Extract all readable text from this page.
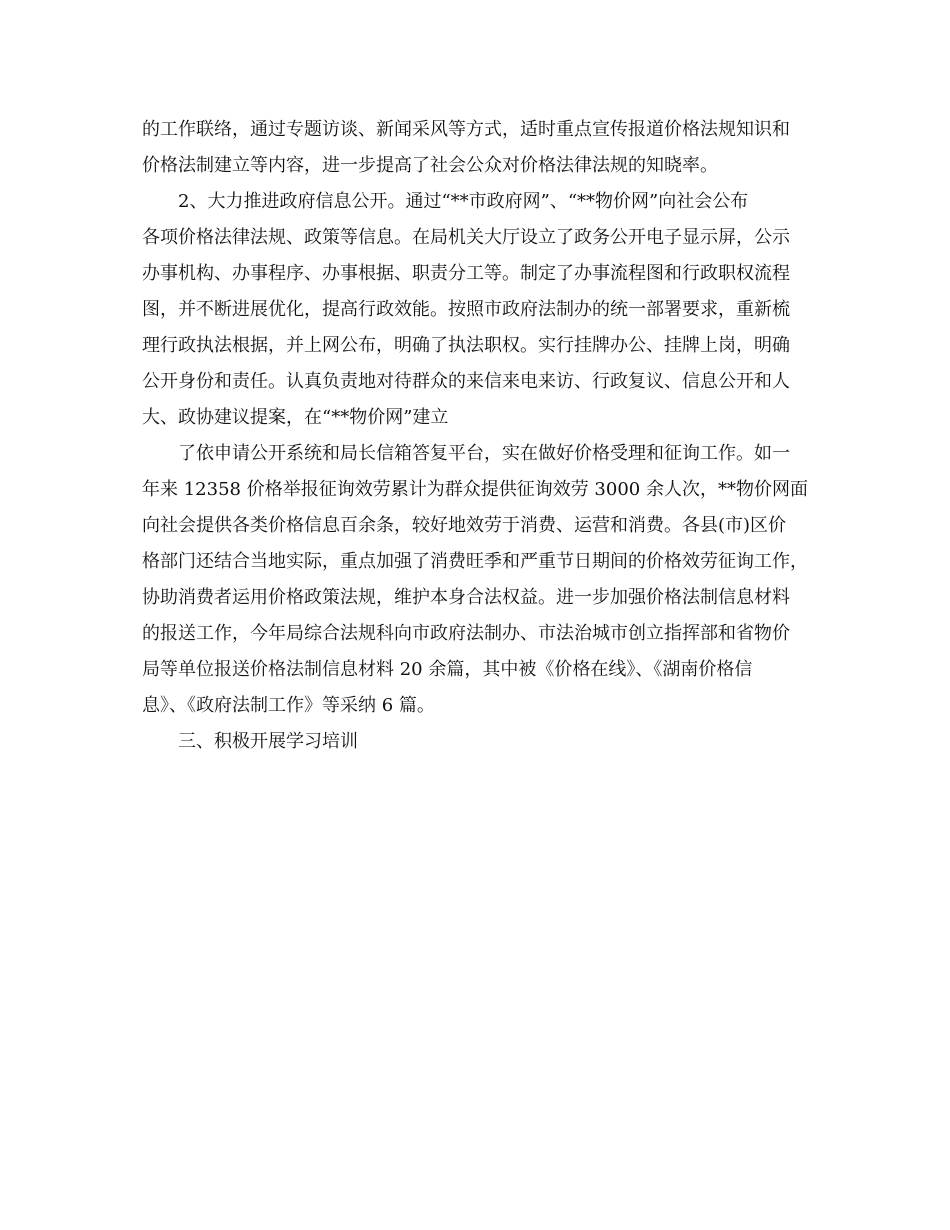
的工作联络，通过专题访谈、新闻采风等方式，适时重点宣传报道价格法规知识和
价格法制建立等内容，进一步提高了社会公众对价格法律法规的知晓率。
2、大力推进政府信息公开。通过“**市政府网”、“**物价网”向社会公布
各项价格法律法规、政策等信息。在局机关大厅设立了政务公开电子显示屏，公示
办事机构、办事程序、办事根据、职责分工等。制定了办事流程图和行政职权流程
图，并不断进展优化，提高行政效能。按照市政府法制办的统一部署要求，重新梳
理行政执法根据，并上网公布，明确了执法职权。实行挂牌办公、挂牌上岗，明确
公开身份和责任。认真负责地对待群众的来信来电来访、行政复议、信息公开和人
大、政协建议提案，在“**物价网”建立
了依申请公开系统和局长信箱答复平台，实在做好价格受理和征询工作。如一
年来 12358 价格举报征询效劳累计为群众提供征询效劳 3000 余人次，**物价网面
向社会提供各类价格信息百余条，较好地效劳于消费、运营和消费。各县(市)区价
格部门还结合当地实际，重点加强了消费旺季和严重节日期间的价格效劳征询工作，
协助消费者运用价格政策法规，维护本身合法权益。进一步加强价格法制信息材料
的报送工作，今年局综合法规科向市政府法制办、市法治城市创立指挥部和省物价
局等单位报送价格法制信息材料 20 余篇，其中被《价格在线》、《湖南价格信
息》、《政府法制工作》等采纳 6 篇。
三、积极开展学习培训
